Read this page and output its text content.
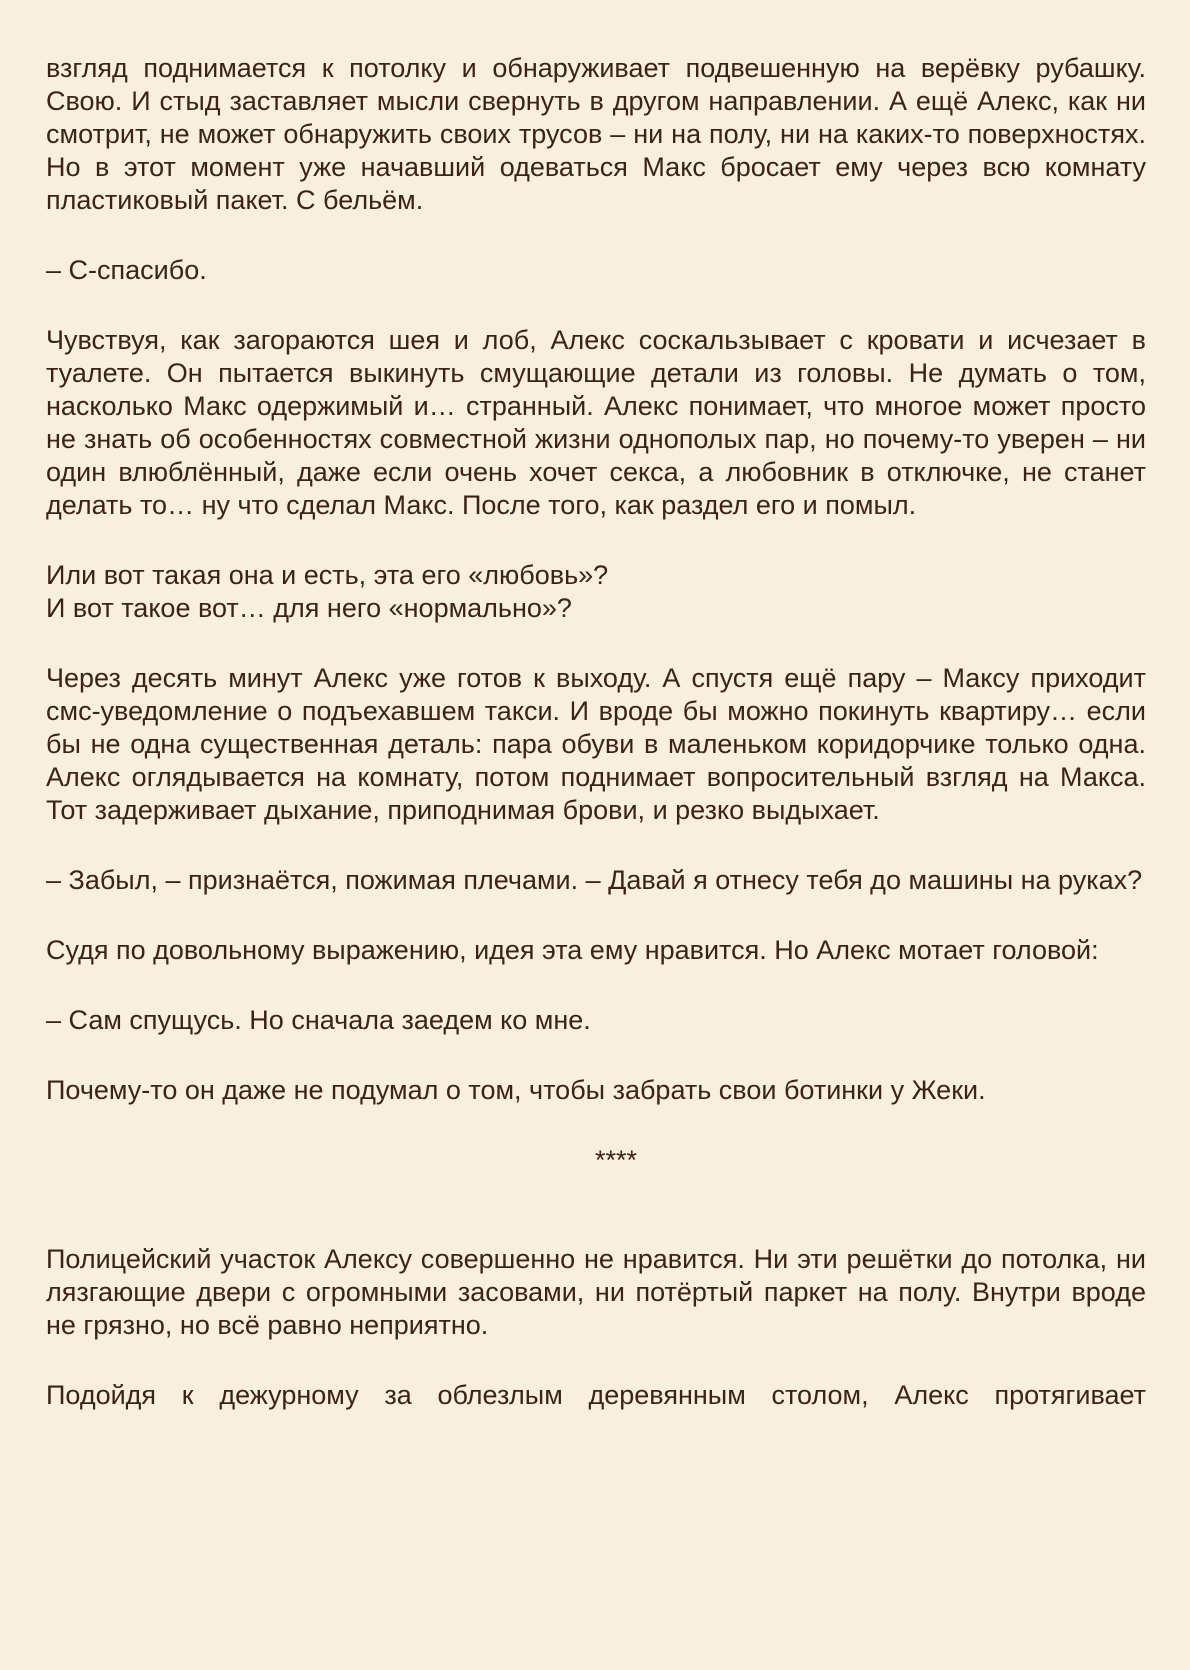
взгляд поднимается к потолку и обнаруживает подвешенную на верёвку рубашку. Свою. И стыд заставляет мысли свернуть в другом направлении. А ещё Алекс, как ни смотрит, не может обнаружить своих трусов – ни на полу, ни на каких-то поверхностях. Но в этот момент уже начавший одеваться Макс бросает ему через всю комнату пластиковый пакет. С бельём.

– С-спасибо.

Чувствуя, как загораются шея и лоб, Алекс соскальзывает с кровати и исчезает в туалете. Он пытается выкинуть смущающие детали из головы. Не думать о том, насколько Макс одержимый и… странный. Алекс понимает, что многое может просто не знать об особенностях совместной жизни однополых пар, но почему-то уверен – ни один влюблённый, даже если очень хочет секса, а любовник в отключке, не станет делать то… ну что сделал Макс. После того, как раздел его и помыл.

Или вот такая она и есть, эта его «любовь»?
И вот такое вот… для него «нормально»?

Через десять минут Алекс уже готов к выходу. А спустя ещё пару – Максу приходит смс-уведомление о подъехавшем такси. И вроде бы можно покинуть квартиру… если бы не одна существенная деталь: пара обуви в маленьком коридорчике только одна. Алекс оглядывается на комнату, потом поднимает вопросительный взгляд на Макса. Тот задерживает дыхание, приподнимая брови, и резко выдыхает.

– Забыл, – признаётся, пожимая плечами. – Давай я отнесу тебя до машины на руках?

Судя по довольному выражению, идея эта ему нравится. Но Алекс мотает головой:

– Сам спущусь. Но сначала заедем ко мне.

Почему-то он даже не подумал о том, чтобы забрать свои ботинки у Жеки.

****

Полицейский участок Алексу совершенно не нравится. Ни эти решётки до потолка, ни лязгающие двери с огромными засовами, ни потёртый паркет на полу. Внутри вроде не грязно, но всё равно неприятно.

Подойдя к дежурному за облезлым деревянным столом, Алекс протягивает
